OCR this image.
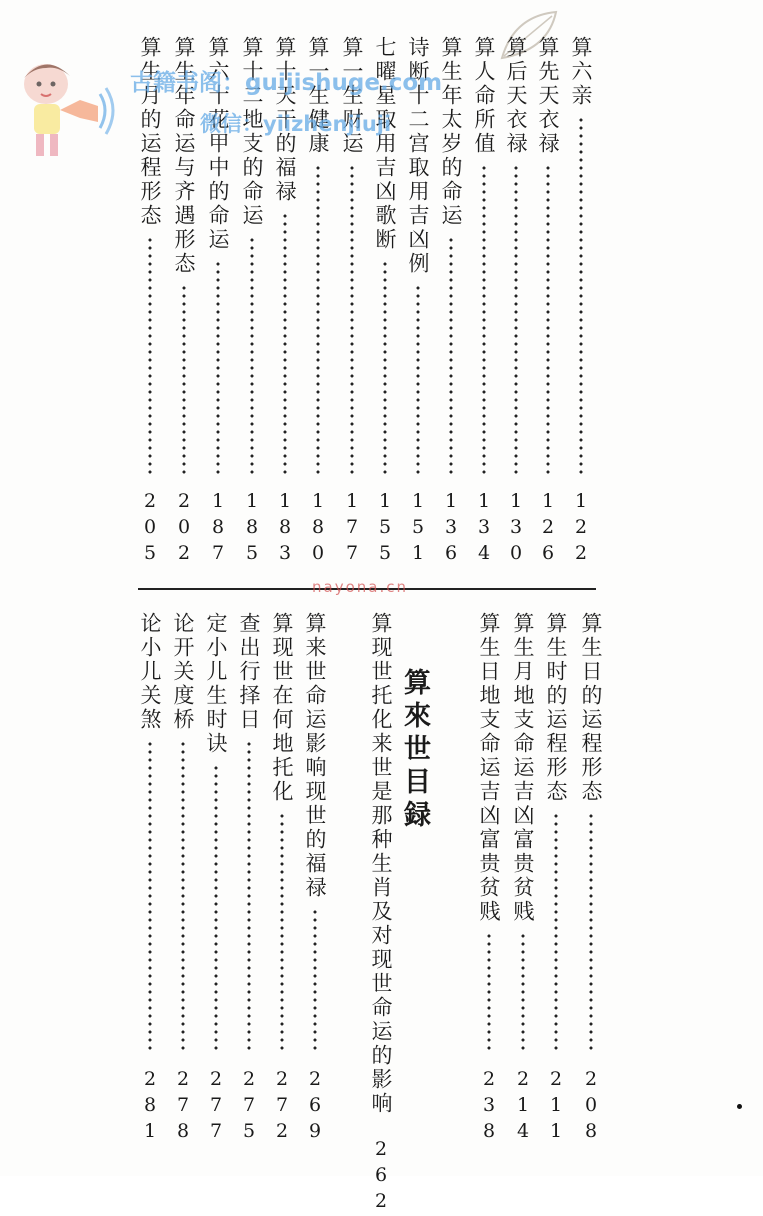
算六亲
122
算先天衣禄
126
算后天衣禄
130
算人命所值
134
算生年太岁的命运
136
诗断十二宫取用吉凶例
151
七曜星取用吉凶歌断
155
算一生财运
177
算一生健康
180
算十天干的福禄
183
算十二地支的命运
185
算六十花甲中的命运
187
算生年命运与齐遇形态
202
算生月的运程形态
205
算生日的运程形态
208
算生时的运程形态
211
算生月地支命运吉凶富贵贫贱
214
算生日地支命运吉凶富贵贫贱
238
算來世目録
算现世托化来世是那种生肖及对现世命运的影响
262
算来世命运影响现世的福禄
269
算现世在何地托化
272
查出行择日
275
定小儿生时诀
277
论开关度桥
278
论小儿关煞
281
古籍书阁：guijishuge.com
微信：yiizhenjiuji
nayona.cn
